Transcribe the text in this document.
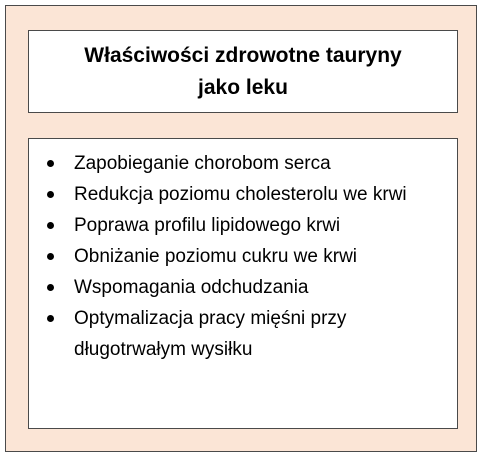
Właściwości zdrowotne tauryny jako leku
Zapobieganie chorobom serca
Redukcja poziomu cholesterolu we krwi
Poprawa profilu lipidowego krwi
Obniżanie poziomu cukru we krwi
Wspomagania odchudzania
Optymalizacja pracy mięśni przy długotrwałym wysiłku
